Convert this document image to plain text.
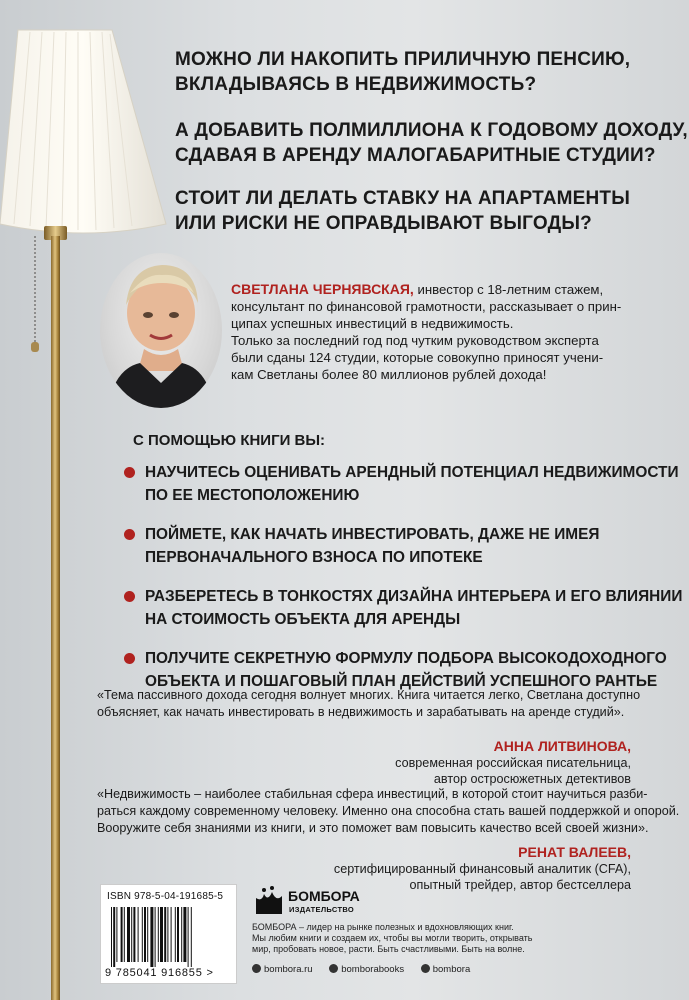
МОЖНО ЛИ НАКОПИТЬ ПРИЛИЧНУЮ ПЕНСИЮ,
ВКЛАДЫВАЯСЬ В НЕДВИЖИМОСТЬ?
А ДОБАВИТЬ ПОЛМИЛЛИОНА К ГОДОВОМУ ДОХОДУ,
СДАВАЯ В АРЕНДУ МАЛОГАБАРИТНЫЕ СТУДИИ?
СТОИТ ЛИ ДЕЛАТЬ СТАВКУ НА АПАРТАМЕНТЫ
ИЛИ РИСКИ НЕ ОПРАВДЫВАЮТ ВЫГОДЫ?
СВЕТЛАНА ЧЕРНЯВСКАЯ, инвестор с 18-летним стажем,
консультант по финансовой грамотности, рассказывает о прин-
ципах успешных инвестиций в недвижимость.
Только за последний год под чутким руководством эксперта
были сданы 124 студии, которые совокупно приносят учени-
кам Светланы более 80 миллионов рублей дохода!
С ПОМОЩЬЮ КНИГИ ВЫ:
НАУЧИТЕСЬ ОЦЕНИВАТЬ АРЕНДНЫЙ ПОТЕНЦИАЛ НЕДВИЖИМОСТИ
ПО ЕЕ МЕСТОПОЛОЖЕНИЮ
ПОЙМЕТЕ, КАК НАЧАТЬ ИНВЕСТИРОВАТЬ, ДАЖЕ НЕ ИМЕЯ
ПЕРВОНАЧАЛЬНОГО ВЗНОСА ПО ИПОТЕКЕ
РАЗБЕРЕТЕСЬ В ТОНКОСТЯХ ДИЗАЙНА ИНТЕРЬЕРА И ЕГО ВЛИЯНИИ
НА СТОИМОСТЬ ОБЪЕКТА ДЛЯ АРЕНДЫ
ПОЛУЧИТЕ СЕКРЕТНУЮ ФОРМУЛУ ПОДБОРА ВЫСОКОДОХОДНОГО
ОБЪЕКТА И ПОШАГОВЫЙ ПЛАН ДЕЙСТВИЙ УСПЕШНОГО РАНТЬЕ
«Тема пассивного дохода сегодня волнует многих. Книга читается легко, Светлана доступно
объясняет, как начать инвестировать в недвижимость и зарабатывать на аренде студий».
АННА ЛИТВИНОВА,
современная российская писательница,
автор остросюжетных детективов
«Недвижимость – наиболее стабильная сфера инвестиций, в которой стоит научиться разби-
раться каждому современному человеку. Именно она способна стать вашей поддержкой и опорой.
Вооружите себя знаниями из книги, и это поможет вам повысить качество всей своей жизни».
РЕНАТ ВАЛЕЕВ,
сертифицированный финансовый аналитик (CFA),
опытный трейдер, автор бестселлера
ISBN 978-5-04-191685-5
9 785041 916855 >
БОМБОРА
ИЗДАТЕЛЬСТВО
БОМБОРА – лидер на рынке полезных и вдохновляющих книг.
Мы любим книги и создаем их, чтобы вы могли творить, открывать
мир, пробовать новое, расти. Быть счастливыми. Быть на волне.
bombora.ru	bomborabooks	bombora
